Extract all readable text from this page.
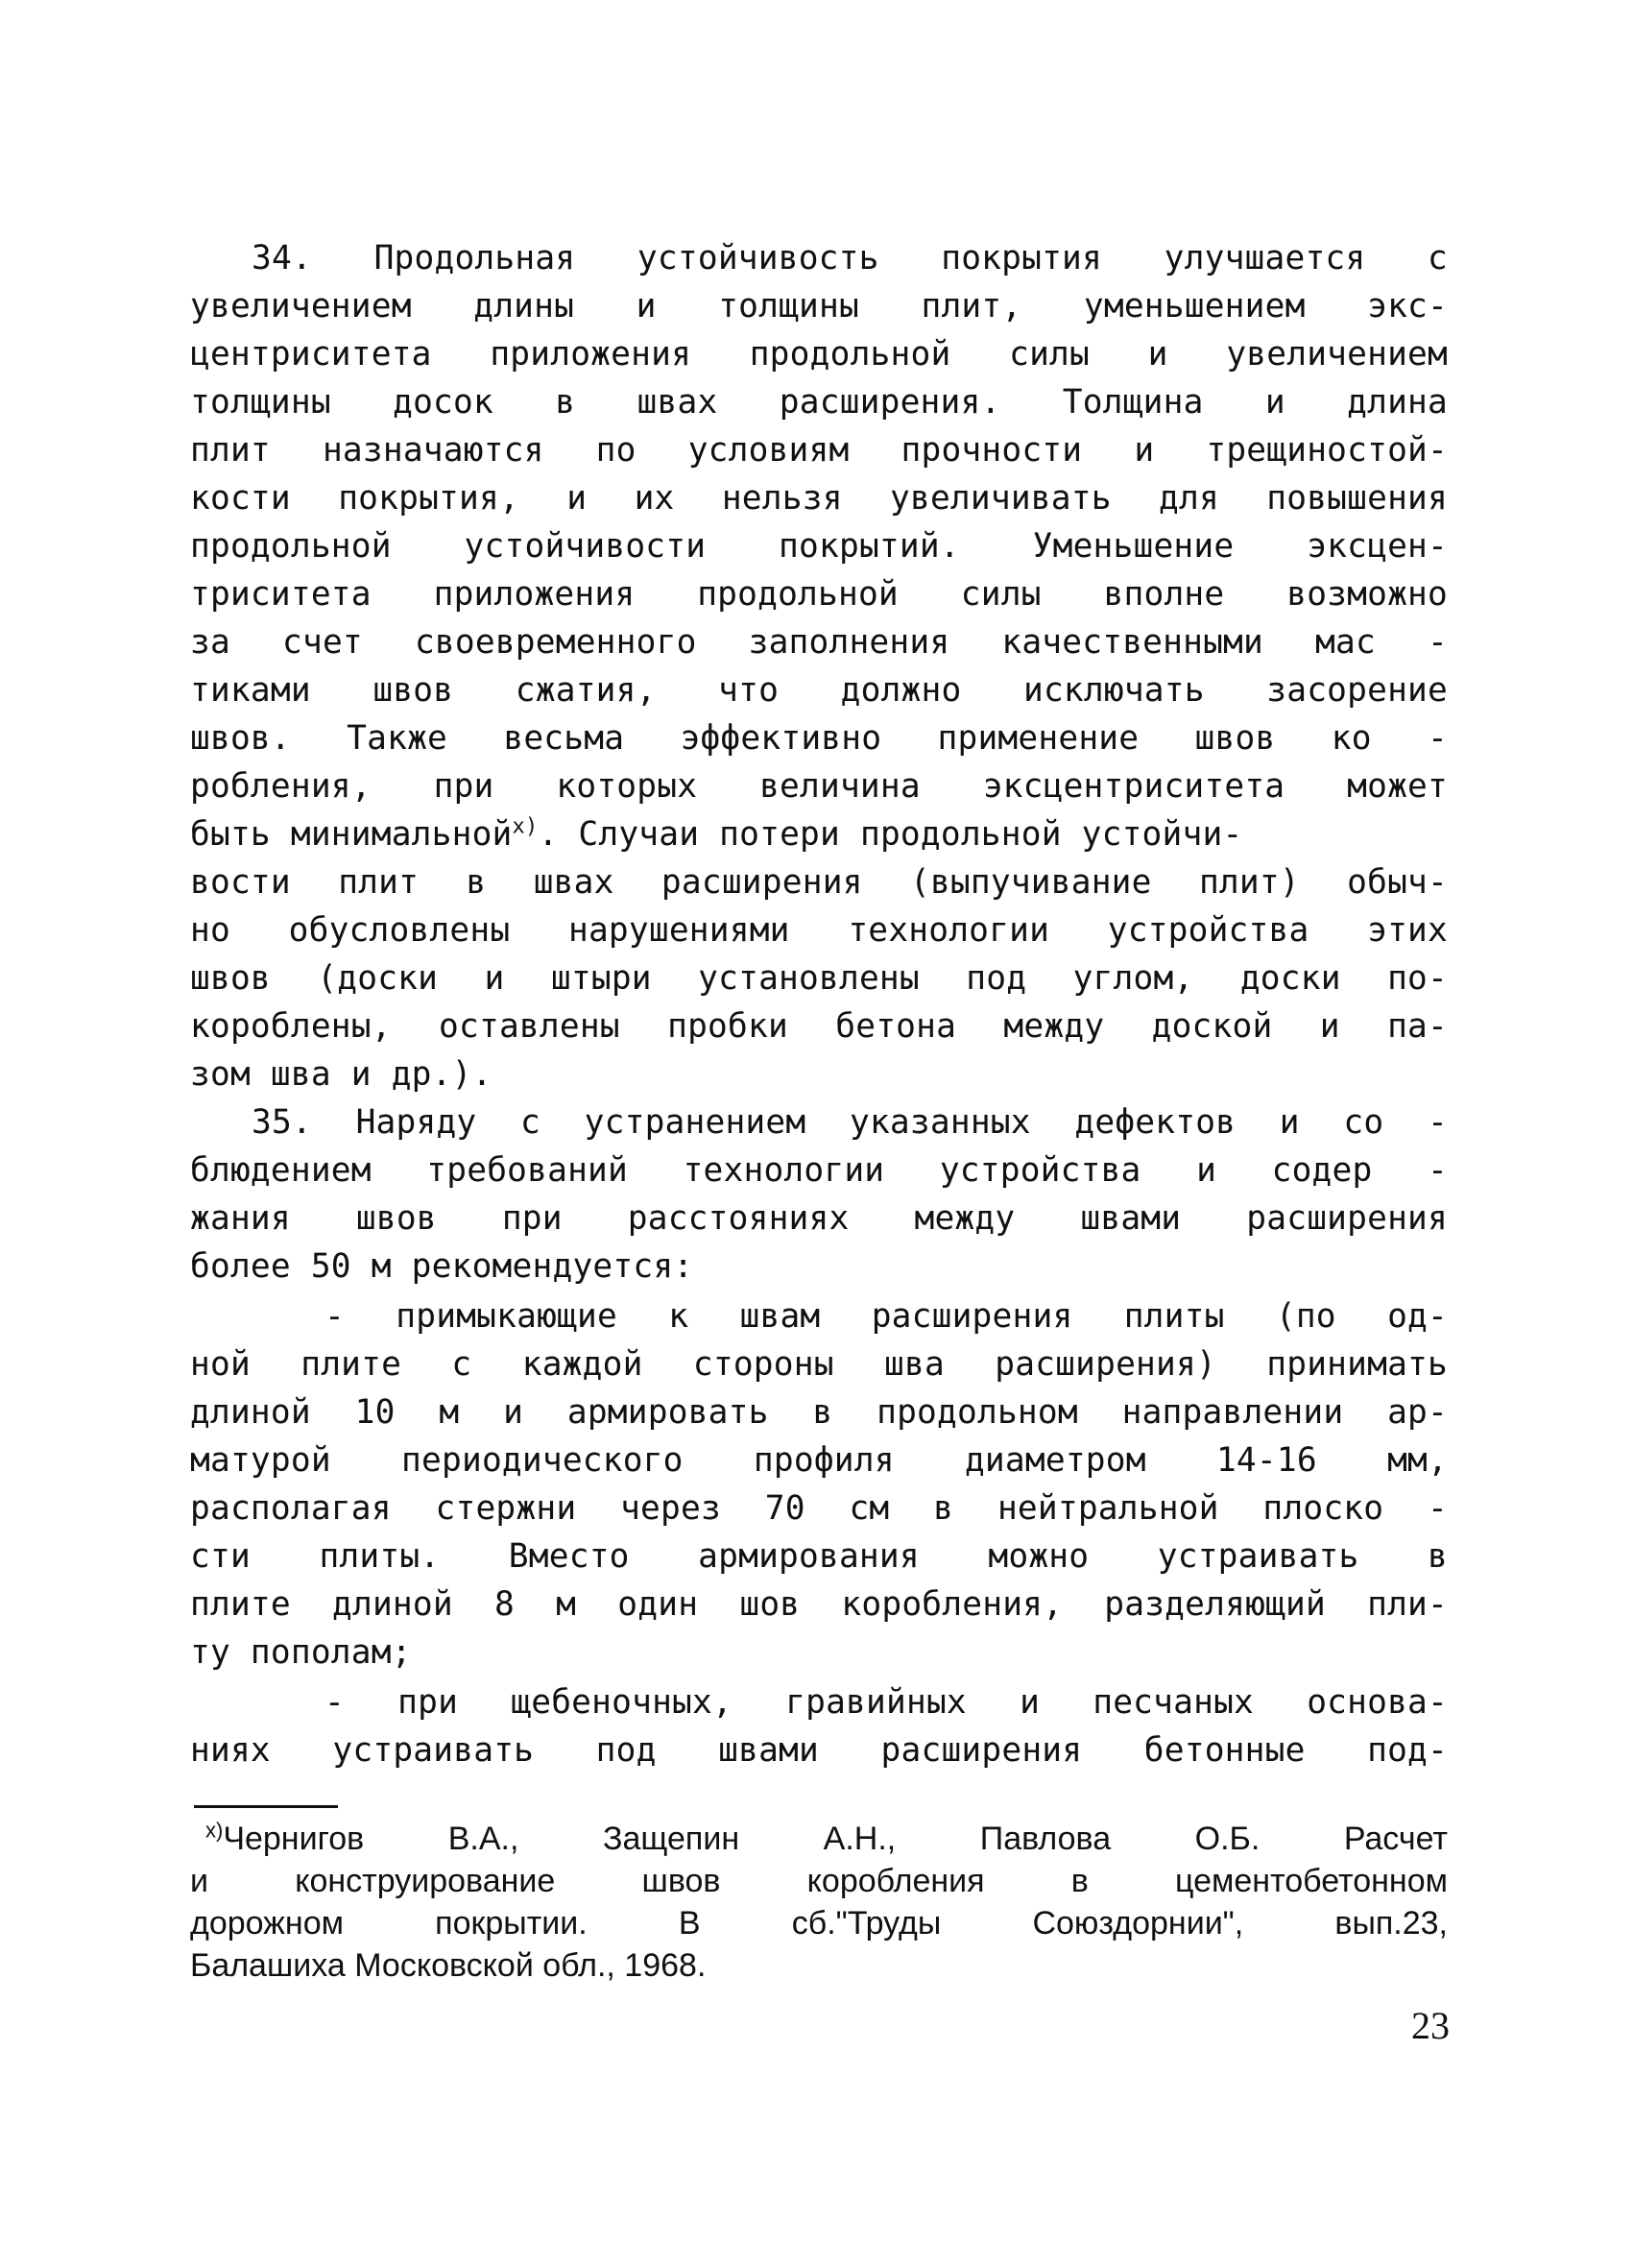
34. Продольная устойчивость покрытия улучшается с
увеличением длины и толщины плит, уменьшением экс-
центриситета приложения продольной силы и увеличением
толщины досок в швах расширения. Толщина и длина
плит назначаются по условиям прочности и трещиностой-
кости покрытия, и их нельзя увеличивать для повышения
продольной устойчивости покрытий. Уменьшение эксцен-
триситета приложения продольной силы вполне возможно
за счет своевременного заполнения качественными мас -
тиками швов сжатия, что должно исключать засорение
швов. Также весьма эффективно применение швов ко -
робления, при которых величина эксцентриситета может
быть минимальной$^{x)}$. Случаи потери продольной устойчи-
вости плит в швах расширения (выпучивание плит) обыч-
но обусловлены нарушениями технологии устройства этих
швов (доски и штыри установлены под углом, доски по-
короблены, оставлены пробки бетона между доской и па-
зом шва и др.).
35. Наряду с устранением указанных дефектов и со -
блюдением требований технологии устройства и содер -
жания швов при расстояниях между швами расширения
более 50 м рекомендуется:
- примыкающие к швам расширения плиты (по од-
ной плите с каждой стороны шва расширения) принимать
длиной 10 м и армировать в продольном направлении ар-
матурой периодического профиля диаметром 14-16 мм,
располагая стержни через 70 см в нейтральной плоско -
сти плиты. Вместо армирования можно устраивать в
плите длиной 8 м один шов коробления, разделяющий пли-
ту пополам;
- при щебеночных, гравийных и песчаных основа-
ниях устраивать под швами расширения бетонные под-
$^{x)}$Чернигов В.А., Защепин А.Н., Павлова О.Б. Расчет
и конструирование швов коробления в цементобетонном
дорожном покрытии. В сб."Труды Союздорнии", вып.23,
Балашиха Московской обл., 1968.
23
